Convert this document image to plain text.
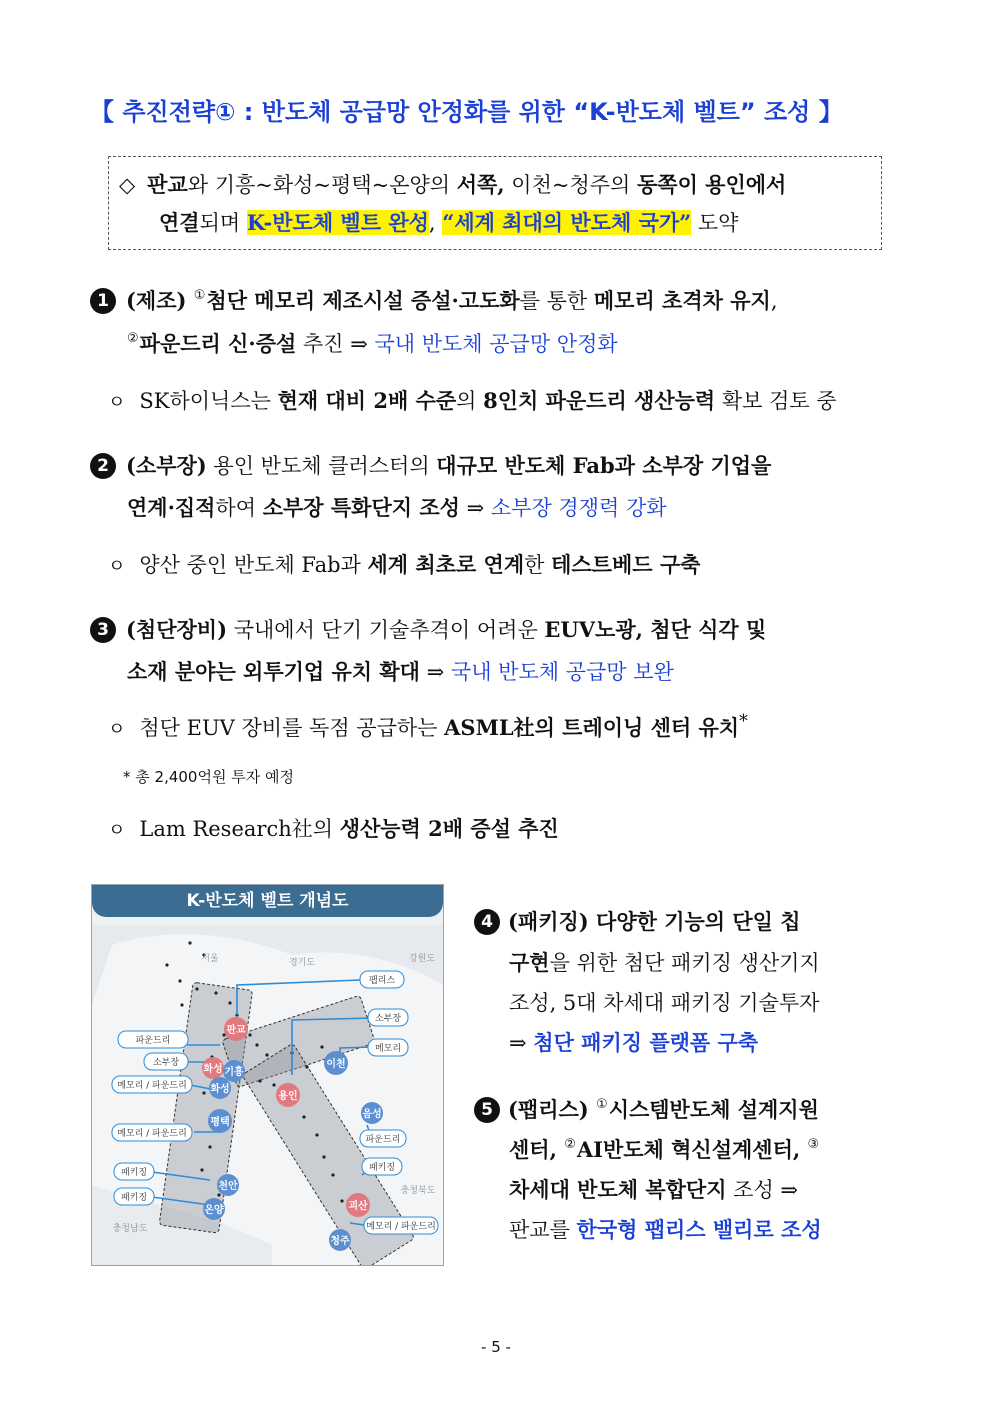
【 추진전략① : 반도체 공급망 안정화를 위한 “K-반도체 벨트” 조성 】
◇ 판교와 기흥~화성~평택~온양의 서쪽, 이천~청주의 동쪽이 용인에서
연결되며 K-반도체 벨트 완성, “세계 최대의 반도체 국가” 도약
1 (제조) ①첨단 메모리 제조시설 증설·고도화를 통한 메모리 초격차 유지,
②파운드리 신·증설 추진 ⇒ 국내 반도체 공급망 안정화
ㅇ SK하이닉스는 현재 대비 2배 수준의 8인치 파운드리 생산능력 확보 검토 중
2 (소부장) 용인 반도체 클러스터의 대규모 반도체 Fab과 소부장 기업을
연계·집적하여 소부장 특화단지 조성 ⇒ 소부장 경쟁력 강화
ㅇ 양산 중인 반도체 Fab과 세계 최초로 연계한 테스트베드 구축
3 (첨단장비) 국내에서 단기 기술추격이 어려운 EUV노광, 첨단 식각 및
소재 분야는 외투기업 유치 확대 ⇒ 국내 반도체 공급망 보완
ㅇ 첨단 EUV 장비를 독점 공급하는 ASML社의 트레이닝 센터 유치*
* 총 2,400억원 투자 예정
ㅇ Lam Research社의 생산능력 2배 증설 추진
판교
화성 기흥
화성
평택
천안
온양
이천
용인
음성
괴산
청주
서울	경기도	강원도
충청북도
충청남도
팹리스
소부장
메모리
파운드리
소부장
메모리 / 파운드리
메모리 / 파운드리
패키징
패키징
파운드리
패키징
메모리 / 파운드리
K-반도체 벨트 개념도
4 (패키징) 다양한 기능의 단일 칩
구현을 위한 첨단 패키징 생산기지
조성, 5대 차세대 패키징 기술투자
⇒ 첨단 패키징 플랫폼 구축
5 (팹리스) ①시스템반도체 설계지원
센터, ②AI반도체 혁신설계센터, ③
차세대 반도체 복합단지 조성 ⇒
판교를 한국형 팹리스 밸리로 조성
- 5 -
